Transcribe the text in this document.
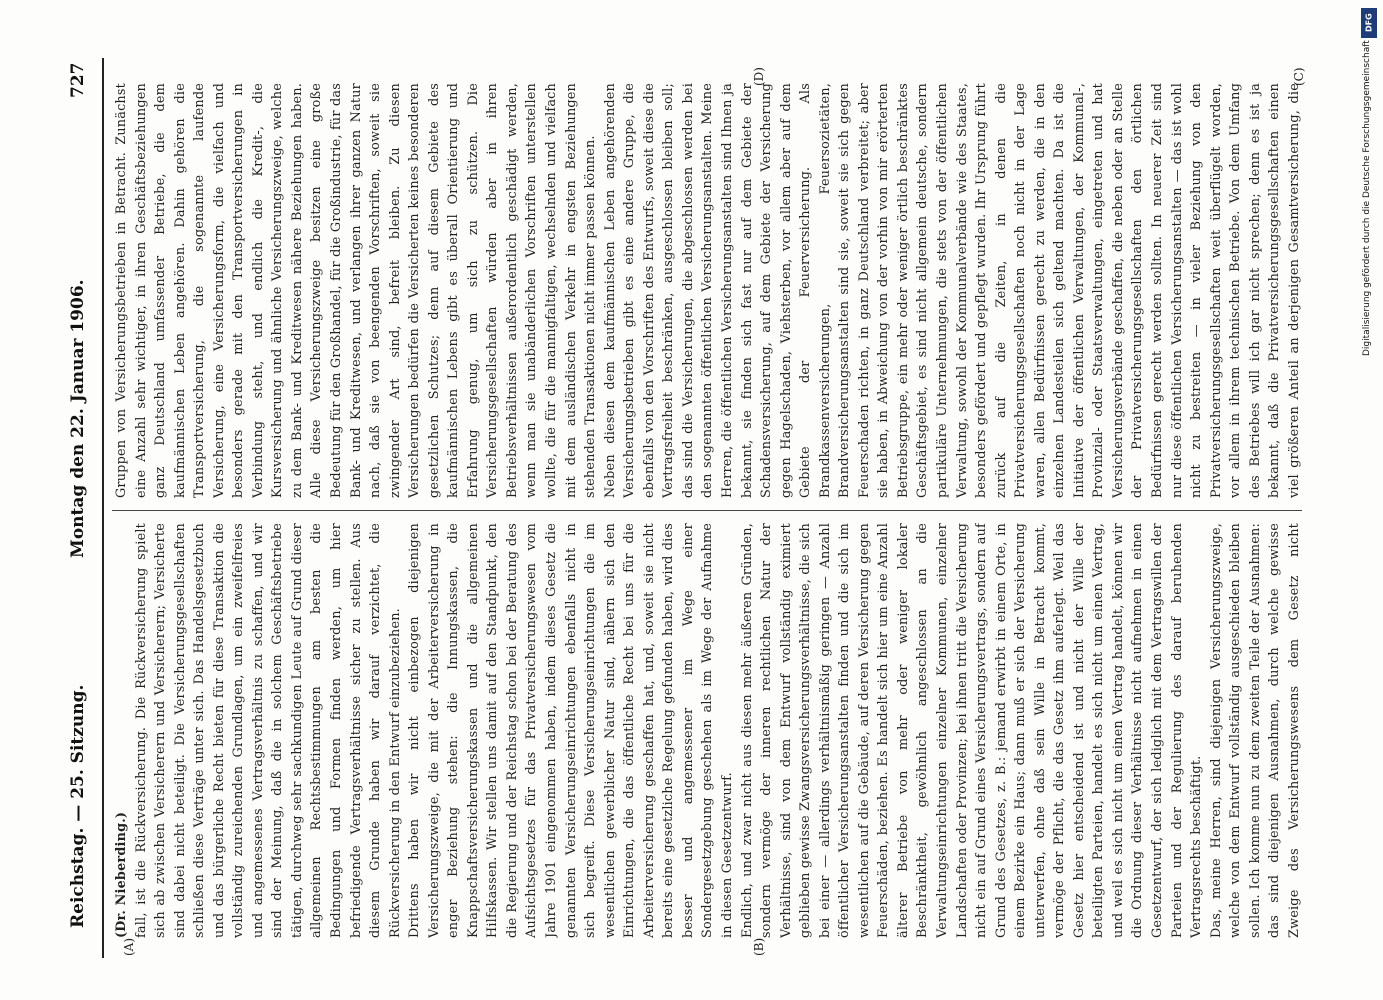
Reichstag. — 25. Sitzung.
Montag den 22. Januar 1906.
727

(Dr. Nieberding.) fall, ist die Rückversicherung. Die Rückversicherung spielt sich ab zwischen Versicherern und Versicherern; Versicherte sind dabei nicht beteiligt. Die Versicherungsgesellschaften schließen diese Verträge unter sich. Das Handelsgesetzbuch und das bürgerliche Recht bieten für diese Transaktion die vollständig zureichenden Grundlagen, um ein zweifelfreies und angemessenes Vertragsverhältnis zu schaffen, und wir sind der Meinung, daß die in solchem Geschäftsbetriebe tätigen, durchweg sehr sachkundigen Leute auf Grund dieser allgemeinen Rechtsbestimmungen am besten die Bedingungen und Formen finden werden, um hier befriedigende Vertragsverhältnisse sicher zu stellen. Aus diesem Grunde haben wir darauf verzichtet, die Rückversicherung in den Entwurf einzubeziehen. Drittens haben wir nicht einbezogen diejenigen Versicherungszweige, die mit der Arbeiterversicherung in enger Beziehung stehen: die Innungskassen, die Knappschaftsversicherungskassen und die allgemeinen Hilfskassen. Wir stellen uns damit auf den Standpunkt, den die Regierung und der Reichstag schon bei der Beratung des Aufsichtsgesetzes für das Privatversicherungswesen vom Jahre 1901 eingenommen haben, indem dieses Gesetz die genannten Versicherungseinrichtungen ebenfalls nicht in sich begreift. Diese Versicherungseinrichtungen die im wesentlichen gewerblicher Natur sind, nähern sich den Einrichtungen, die das öffentliche Recht bei uns für die Arbeiterversicherung geschaffen hat, und, soweit sie nicht bereits eine gesetzliche Regelung gefunden haben, wird dies besser und angemessener im Wege einer Sondergesetzgebung geschehen als im Wege der Aufnahme in diesen Gesetzentwurf. Endlich, und zwar nicht aus diesen mehr äußeren Gründen, sondern vermöge der inneren rechtlichen Natur der Verhältnisse, sind von dem Entwurf vollständig eximiert geblieben gewisse Zwangsversicherungsverhältnisse, die sich bei einer — allerdings verhältnismäßig geringen — Anzahl öffentlicher Versicherungsanstalten finden und die sich im wesentlichen auf die Gebäude, auf deren Versicherung gegen Feuerschäden, beziehen. Es handelt sich hier um eine Anzahl älterer Betriebe von mehr oder weniger lokaler Beschränktheit, gewöhnlich angeschlossen an die Verwaltungseinrichtungen einzelner Kommunen, einzelner Landschaften oder Provinzen; bei ihnen tritt die Versicherung nicht ein auf Grund eines Versicherungsvertrags, sondern auf Grund des Gesetzes, z. B.: jemand erwirbt in einem Orte, in einem Bezirke ein Haus; dann muß er sich der Versicherung unterwerfen, ohne daß sein Wille in Betracht kommt, vermöge der Pflicht, die das Gesetz ihm auferlegt. Weil das Gesetz hier entscheidend ist und nicht der Wille der beteiligten Parteien, handelt es sich nicht um einen Vertrag, und weil es sich nicht um einen Vertrag handelt, können wir die Ordnung dieser Verhältnisse nicht aufnehmen in einen Gesetzentwurf, der sich lediglich mit dem Vertragswillen der Parteien und der Regulierung des darauf beruhenden Vertragsrechts beschäftigt. Das, meine Herren, sind diejenigen Versicherungszweige, welche von dem Entwurf vollständig ausgeschieden bleiben sollen. Ich komme nun zu dem zweiten Teile der Ausnahmen: das sind diejenigen Ausnahmen, durch welche gewisse Zweige des Versicherungswesens dem Gesetz nicht

Gruppen von Versicherungsbetrieben in Betracht. Zunächst eine Anzahl sehr wichtiger, in ihren Geschäftsbeziehungen ganz Deutschland umfassender Betriebe, die dem kaufmännischen Leben angehören. Dahin gehören die Transportversicherung, die sogenannte laufende Versicherung, eine Versicherungsform, die vielfach und besonders gerade mit den Transportversicherungen in Verbindung steht, und endlich die Kredit-, die Kursversicherung und ähnliche Versicherungszweige, welche zu dem Bank- und Kreditwesen nähere Beziehungen haben. Alle diese Versicherungszweige besitzen eine große Bedeutung für den Großhandel, für die Großindustrie, für das Bank- und Kreditwesen, und verlangen ihrer ganzen Natur nach, daß sie von beengenden Vorschriften, soweit sie zwingender Art sind, befreit bleiben. Zu diesen Versicherungen bedürfen die Versicherten keines besonderen gesetzlichen Schutzes; denn auf diesem Gebiete des kaufmännischen Lebens gibt es überall Orientierung und Erfahrung genug, um sich zu schützen. Die Versicherungsgesellschaften würden aber in ihren Betriebsverhältnissen außerordentlich geschädigt werden, wenn man sie unabänderlichen Vorschriften unterstellen wollte, die für die mannigfaltigen, wechselnden und vielfach mit dem ausländischen Verkehr in engsten Beziehungen stehenden Transaktionen nicht immer passen können. Neben diesen dem kaufmännischen Leben angehörenden Versicherungsbetrieben gibt es eine andere Gruppe, die ebenfalls von den Vorschriften des Entwurfs, soweit diese die Vertragsfreiheit beschränken, ausgeschlossen bleiben soll; das sind die Versicherungen, die abgeschlossen werden bei den sogenannten öffentlichen Versicherungsanstalten. Meine Herren, die öffentlichen Versicherungsanstalten sind Ihnen ja bekannt, sie finden sich fast nur auf dem Gebiete der Schadensversicherung, auf dem Gebiete der Versicherung gegen Hagelschaden, Viehsterben, vor allem aber auf dem Gebiete der Feuerversicherung. Als Brandkassenversicherungen, Feuersozietäten, Brandversicherungsanstalten sind sie, soweit sie sich gegen Feuerschaden richten, in ganz Deutschland verbreitet; aber sie haben, in Abweichung von der vorhin von mir erörterten Betriebsgruppe, ein mehr oder weniger örtlich beschränktes Geschäftsgebiet, es sind nicht allgemein deutsche, sondern partikuläre Unternehmungen, die stets von der öffentlichen Verwaltung, sowohl der Kommunalverbände wie des Staates, besonders gefördert und gepflegt wurden. Ihr Ursprung führt zurück auf die Zeiten, in denen die Privatversicherungsgesellschaften noch nicht in der Lage waren, allen Bedürfnissen gerecht zu werden, die in den einzelnen Landesteilen sich geltend machten. Da ist die Initiative der öffentlichen Verwaltungen, der Kommunal-, Provinzial- oder Staatsverwaltungen, eingetreten und hat Versicherungsverbände geschaffen, die neben oder an Stelle der Privatversicherungsgesellschaften den örtlichen Bedürfnissen gerecht werden sollten. In neuerer Zeit sind nur diese öffentlichen Versicherungsanstalten — das ist wohl nicht zu bestreiten — in vieler Beziehung von den Privatversicherungsgesellschaften weit überflügelt worden, vor allem in ihrem technischen Betriebe. Von dem Umfang des Betriebes will ich gar nicht sprechen; denn es ist ja bekannt, daß die Privatversicherungsgesellschaften einen viel größeren Anteil an derjenigen Gesamtversicherung, die

(A)	(B)
(C)
(D)
DFG
Digitalisierung gefördert durch die Deutsche Forschungsgemeinschaft
